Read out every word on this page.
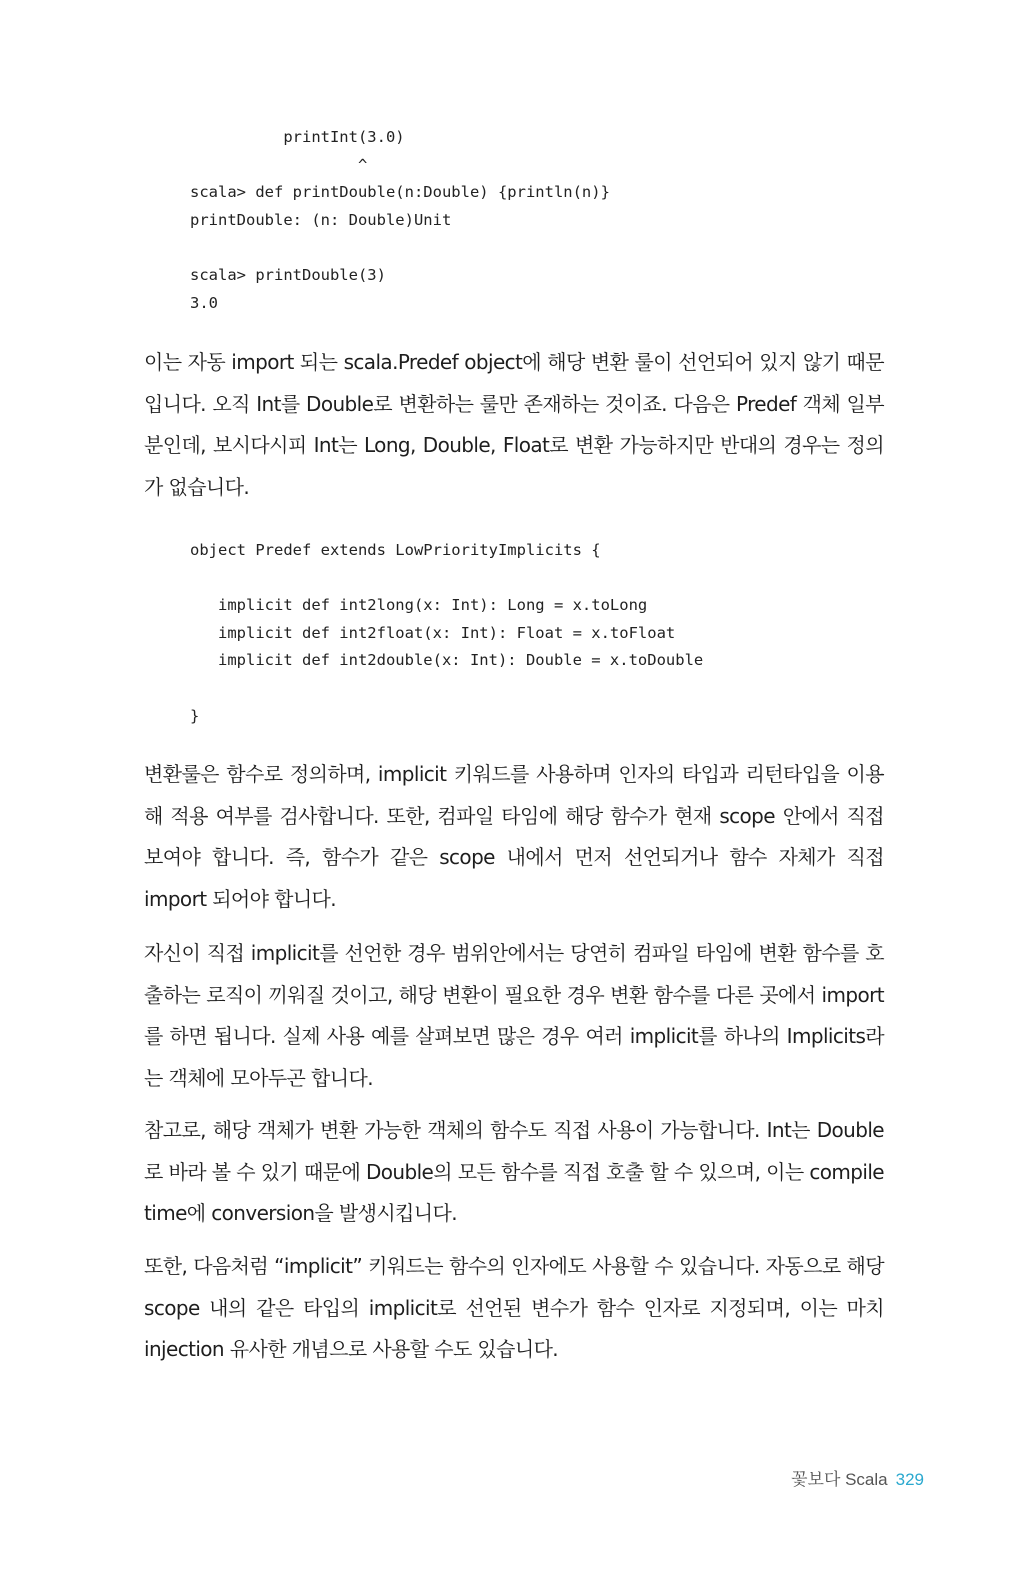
printInt(3.0)
^
scala> def printDouble(n:Double) {println(n)}
printDouble: (n: Double)Unit
scala> printDouble(3)
3.0

이는 자동 import 되는 scala.Predef object에 해당 변환 룰이 선언되어 있지 않기 때문입니다. 오직 Int를 Double로 변환하는 룰만 존재하는 것이죠. 다음은 Predef 객체 일부분인데, 보시다시피 Int는 Long, Double, Float로 변환 가능하지만 반대의 경우는 정의가 없습니다.

object Predef extends LowPriorityImplicits {
implicit def int2long(x: Int): Long = x.toLong
implicit def int2float(x: Int): Float = x.toFloat
implicit def int2double(x: Int): Double = x.toDouble
}

변환룰은 함수로 정의하며, implicit 키워드를 사용하며 인자의 타입과 리턴타입을 이용해 적용 여부를 검사합니다. 또한, 컴파일 타임에 해당 함수가 현재 scope 안에서 직접 보여야 합니다. 즉, 함수가 같은 scope 내에서 먼저 선언되거나 함수 자체가 직접 import 되어야 합니다.

자신이 직접 implicit를 선언한 경우 범위안에서는 당연히 컴파일 타임에 변환 함수를 호출하는 로직이 끼워질 것이고, 해당 변환이 필요한 경우 변환 함수를 다른 곳에서 import를 하면 됩니다. 실제 사용 예를 살펴보면 많은 경우 여러 implicit를 하나의 Implicits라는 객체에 모아두곤 합니다.

참고로, 해당 객체가 변환 가능한 객체의 함수도 직접 사용이 가능합니다. Int는 Double로 바라 볼 수 있기 때문에 Double의 모든 함수를 직접 호출 할 수 있으며, 이는 compile time에 conversion을 발생시킵니다.

또한, 다음처럼 “implicit” 키워드는 함수의 인자에도 사용할 수 있습니다. 자동으로 해당 scope 내의 같은 타입의 implicit로 선언된 변수가 함수 인자로 지정되며, 이는 마치 injection 유사한 개념으로 사용할 수도 있습니다.

꽃보다 Scala 329
